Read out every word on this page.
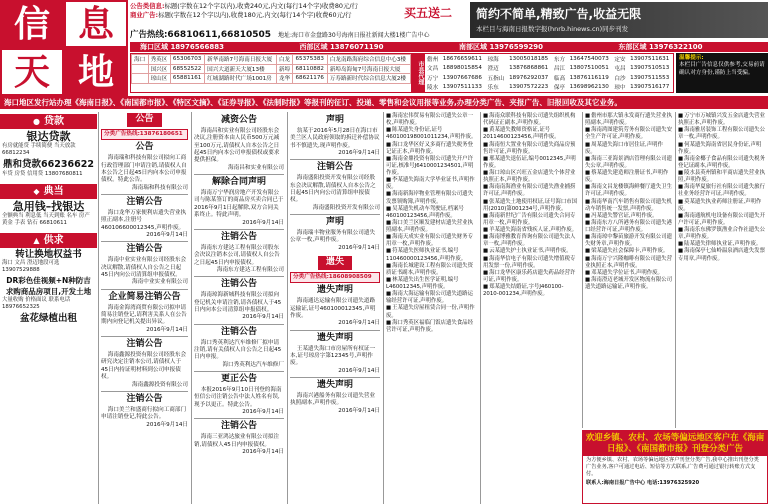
信 息
天 地
公告类信息:标题(字数在12个字以内),收费240元,内文(每行14个字)收费80元/行
商业广告:标题(字数在12个字以内),收费180元,内文(每行14个字)收费60元/行	买五送二	简约不简单,精致广告,收益无限
本栏目与海南日报数字报(hnrb.hinews.cn)同步刊发
广告热线:66810611,66810505 地址:海口市金盘路30号海南日报社新闻大楼1楼广告中心
海口区域 18976566883	西部区域 13876071190	南部区域 13976599290	东部区域 13976322100
海口	秀英区	65306703	新华南路7号海南日报大厦	白龙	65375383	白龙南路海府综合信息中心3楼
	国兴区	68552522	国兴大道新天大厦13楼	新埠	68110882	新埠岛海甸7号海南日报大厦
	琼山区	65881161	红城湖路时代广场1001房	龙华	68621176	万寿路新时代综合信息大厦2楼	市县代理
儋州	18676659611	琼海	13005018185	东方	13647540073	定安	13907511631
文昌	18898015854	澄迈	13876868861	昌江	13807510051	屯昌	13907510513
万宁	13907667686	五指山	18976292037	临高	13876116119	白沙	13907511553
陵水	13907511133	乐东	13907572223	保亭	13698962130	琼中	13907516177
温馨提示:
本栏目广告信息仅供参考,交易前请确认对方身份,谨防上当受骗。
海口地区发行站办理《海南日报》、《南国都市报》、《特区文摘》、《证券导报》、《法制时报》等报刊的征订、投递、零售和会议用报等业务,办理分类广告、夹报广告、旧报回收及其它业务。
● 贷款
银达贷款
有房就能贷 手续简便 当天放款 66812234
鼎和贷款66236622
车贷 房贷 信用贷 13807680811
◆ 典当
急用钱–找银达
全额典当 利息低 当天到账 名车 房产 黄金 手表 钻石 66810611
▲ 供求
转让换地权益书
海口 文昌 澄迈地段可选 13907529888
DR彩色佳视频+N种防吉
求购商品房项目,开发土地
大量收购 价格面议 联系电话 18976652325
盆花绿植出租
公告
分类广告热线:13876180651
公告
海南瑞和科技有限公司拟向工商行政管理部门申请注销,请债权人自本公告之日起45日内向本公司申报债权。特此公告。
海南瑞和科技有限公司
注销公告
海口龙华万家便利店遗失营业执照正副本,注册号460106600012345,声明作废。
2016年9月14日
注销公告
海南中业实业有限公司经股东会决议解散,请债权人自公告之日起45日内向公司清算组申报债权。
海南中业实业有限公司
企业简易注销公告
海南金海湾商贸有限公司拟申请简易注销登记,请利害关系人在公告期内向登记机关提出异议。
2016年9月14日
注销公告
海南鑫源投资有限公司经股东会研究决定注销本公司,请债权人于45日内持证明材料到公司申报债权。
海南鑫源投资有限公司
注销公告
海口美兰和盛商行拟向工商部门申请注销登记,特此公告。
2016年9月14日
减资公告
海南昌和实业有限公司经股东会决议,注册资本由人民币500万元减至100万元,请债权人自本公告之日起45日内向本公司申报债权或要求提供担保。
海南昌和实业有限公司
解除合同声明
海南万宁华润房地产开发有限公司与陈某签订的商品房买卖合同已于2016年9月1日起解除,双方合同关系终止。特此声明。
2016年9月14日
注销公告
海南东方建达工程有限公司股东会决议注销本公司,请债权人自公告之日起45日内申报债权。
海南东方建达工程有限公司
注销公告
海南琼海新城科技有限公司拟向登记机关申请注销,请各债权人于45日内向本公司清算组申报债权。
2016年9月14日
注销公告
海口秀英利达汽车维修厂拟申请注销,请有关债权人自公告之日起45日内申报。
海口秀英利达汽车维修厂
更正公告
本报2016年9月10日刊登的海南恒信公司注销公告中法人姓名有误,现予以更正。特此公告。
2016年9月14日
注销公告
海南三亚鸿达旅业有限公司拟注销,请债权人45日内申报债权。
2016年9月14日
声明
翁某于2016年5月28日在海口市美兰区人民政府领取的拆迁补偿协议书不慎遗失,现声明作废。
2016年9月14日
注销公告
海南盛阳投资开发有限公司经股东会决议解散,请债权人自本公告之日起45日内向公司清算组申报债权。
海南盛阳投资开发有限公司
声明
海南瑞丰物业服务有限公司遗失公章一枚,声明作废。
2016年9月14日
遗失
分类广告热线:18608908509
遗失声明
海南通达运输有限公司遗失道路运输证,证号460100012345,声明作废。
2016年9月14日
遗失声明
王某遗失海口市房屋所有权证一本,证号琼房字第12345号,声明作废。
2016年9月14日
遗失声明
海南兴港船务有限公司遗失营业执照副本,声明作废。
2016年9月14日
■ 海南宏伟贸易有限公司遗失公章一枚,声明作废。
■ 陈某遗失身份证,证号460100198001011234,声明作废。
■ 海口龙华区好又多商行遗失税务登记证正本,声明作废。
■ 海南金鼎投资有限公司遗失开户许可证,核准号J6410001234501,声明作废。
■ 李某遗失海南大学毕业证书,声明作废。
■ 海南新海岸物业管理有限公司遗失发票领购簿,声明作废。
■ 吴某遗失机动车驾驶证,档案号460100123456,声明作废。
■ 海口美兰区顺发建材店遗失营业执照副本,声明作废。
■ 海南天成实业有限公司遗失财务专用章一枚,声明作废。
■ 符某遗失医师执业证书,编号110460000123456,声明作废。
■ 海南长城建设工程有限公司遗失资质证书副本,声明作废。
■ 林某遗失出生医学证明,编号L460012345,声明作废。
■ 海南大海运输有限公司遗失道路运输经营许可证,声明作废。
■ 王某遗失房屋租赁合同一份,声明作废。
■ 海口秀英区福临门饭店遗失食品经营许可证,声明作废。
■ 海南众联科技有限公司遗失组织机构代码证正副本,声明作废。
■ 黄某遗失教师资格证,证号20114600123456,声明作废。
■ 海南恒大置业有限公司遗失商品房预售许可证,声明作废。
■ 邢某遗失退伍证,编号0012345,声明作废。
■ 海口琼山区兴旺五金店遗失个体营业执照正本,声明作废。
■ 海南南海渔业有限公司遗失渔业捕捞许可证,声明作废。
■ 张某遗失土地使用权证,证号海口市国用(2010)第001234号,声明作废。
■ 海南新世纪广告有限公司遗失合同专用章一枚,声明作废。
■ 羊某遗失海南省残疾人证,声明作废。
■ 海南博雅教育咨询有限公司遗失法人章一枚,声明作废。
■ 云某遗失护士执业证书,声明作废。
■ 海南华信电子有限公司遗失增值税专用发票一份,声明作废。
■ 海口龙华区康乐药店遗失药品经营许可证,声明作废。
■ 郑某遗失结婚证,字号J460100-2010-001234,声明作废。
■ 儋州市那大镇永发商行遗失营业执照副本,声明作废。
■ 海南鸿图建筑劳务有限公司遗失安全生产许可证,声明作废。
■ 周某遗失海口市居住证,声明作废。
■ 海南三亚海景酒店管理有限公司遗失公章,声明作废。
■ 蔡某遗失建造师注册证书,声明作废。
■ 海南文昌龙楼镇海鲜餐厅遗失卫生许可证,声明作废。
■ 海南华南汽车销售有限公司遗失机动车销售统一发票,声明作废。
■ 冯某遗失警官证,声明作废。
■ 海南东方八所港务有限公司遗失港口经营许可证,声明作废。
■ 海南琼中黎苗旅游开发有限公司遗失财务章,声明作废。
■ 梁某遗失社会保障卡,声明作废。
■ 海南万宁兴隆咖啡有限公司遗失营业执照正本,声明作废。
■ 邓某遗失学位证书,声明作废。
■ 海南澄迈老城开发区物流有限公司遗失道路运输证,声明作废。
■ 万宁市万城镇兴发五金店遗失营业执照正本,声明作废。
■ 海南雅居装饰工程有限公司遗失公章一枚,声明作废。
■ 何某遗失海南省居民身份证,声明作废。
■ 海南金椰子食品有限公司遗失税务登记证副本,声明作废。
■ 陵水县英州镇和平商店遗失营业执照,声明作废。
■ 海南华夏旅行社有限公司遗失旅行社业务经营许可证,声明作废。
■ 莫某遗失执业药师注册证,声明作废。
■ 海南通航机电设备有限公司遗失开户许可证,声明作废。
■ 海南乐东佛罗镇渔业合作社遗失公章,声明作废。
■ 陆某遗失律师执业证,声明作废。
■ 海南保亭七仙岭温泉酒店遗失发票专用章,声明作废。
欢迎乡镇、农村、农场等偏远地区客户在《海南日报》、《南国都市报》刊登分类广告
为方便乡镇、农村、农场等偏远地区客户刊登分类广告,我中心推出刊登分类广告业务,客户可通过电话、短信等方式联系,广告费可通过银行转账方式支付。
联系人:海南日报广告中心 电话:13976325920
